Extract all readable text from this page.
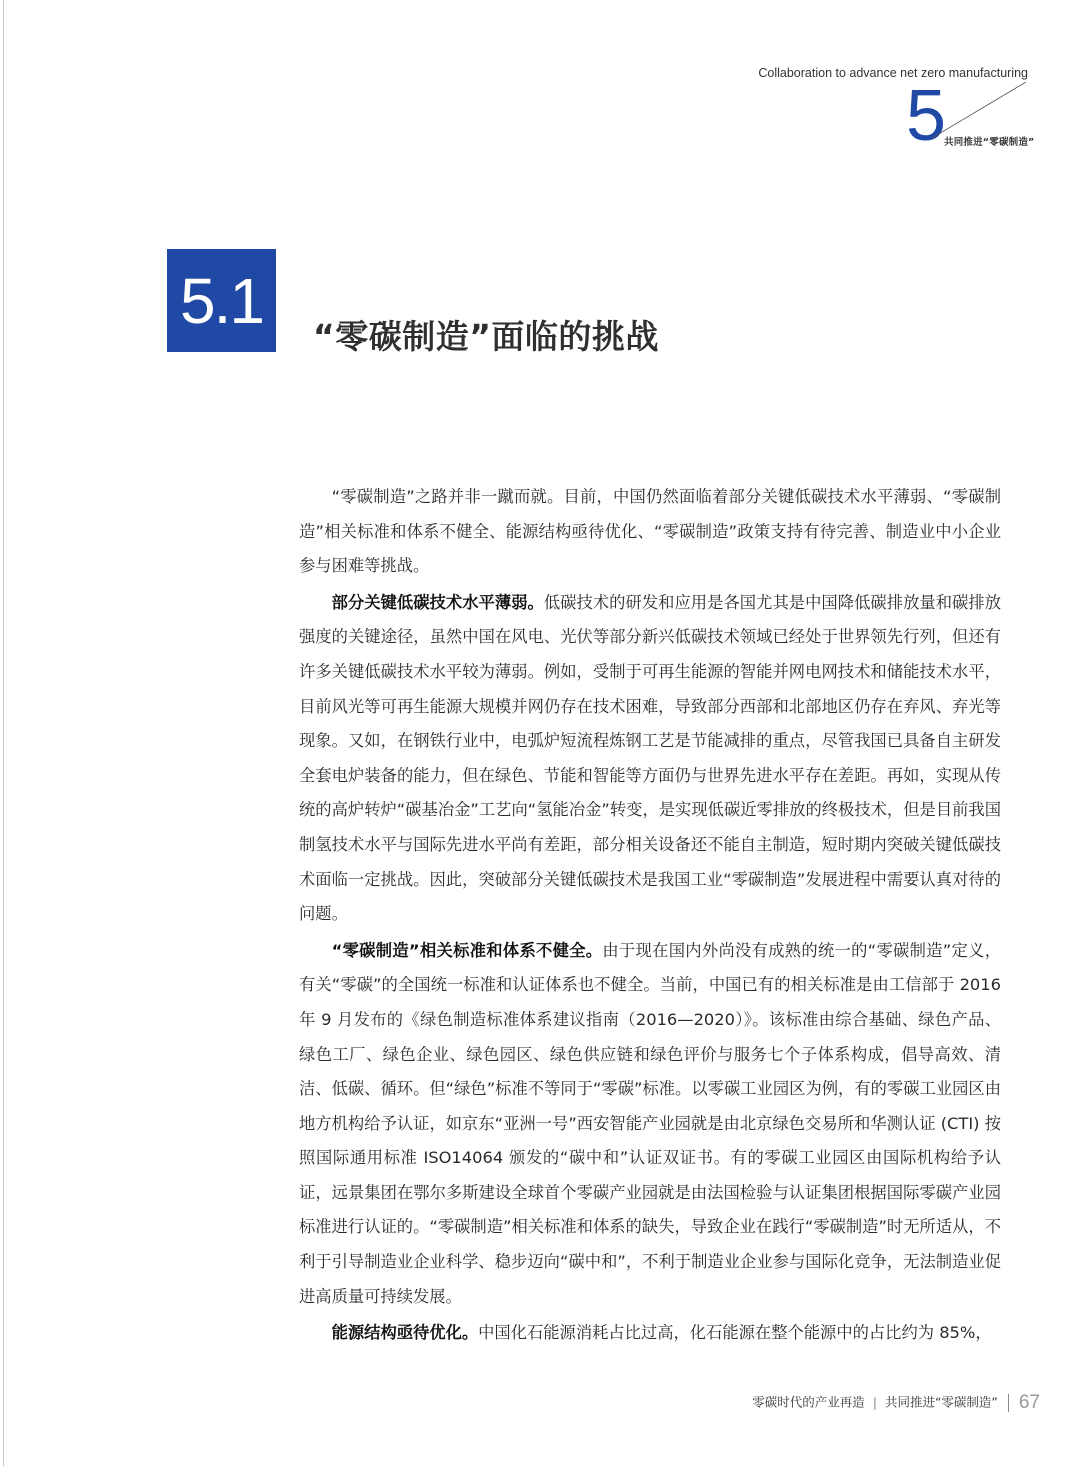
Collaboration to advance net zero manufacturing
5
共同推进“零碳制造”
5.1 “零碳制造”面临的挑战

“零碳制造”之路并非一蹴而就。目前，中国仍然面临着部分关键低碳技术水平薄弱、“零碳制造”相关标准和体系不健全、能源结构亟待优化、“零碳制造”政策支持有待完善、制造业中小企业参与困难等挑战。

部分关键低碳技术水平薄弱。低碳技术的研发和应用是各国尤其是中国降低碳排放量和碳排放强度的关键途径，虽然中国在风电、光伏等部分新兴低碳技术领域已经处于世界领先行列，但还有许多关键低碳技术水平较为薄弱。例如，受制于可再生能源的智能并网电网技术和储能技术水平，目前风光等可再生能源大规模并网仍存在技术困难，导致部分西部和北部地区仍存在弃风、弃光等现象。又如，在钢铁行业中，电弧炉短流程炼钢工艺是节能减排的重点，尽管我国已具备自主研发全套电炉装备的能力，但在绿色、节能和智能等方面仍与世界先进水平存在差距。再如，实现从传统的高炉转炉“碳基冶金”工艺向“氢能冶金”转变，是实现低碳近零排放的终极技术，但是目前我国制氢技术水平与国际先进水平尚有差距，部分相关设备还不能自主制造，短时期内突破关键低碳技术面临一定挑战。因此，突破部分关键低碳技术是我国工业“零碳制造”发展进程中需要认真对待的问题。

“零碳制造”相关标准和体系不健全。由于现在国内外尚没有成熟的统一的“零碳制造”定义，有关“零碳”的全国统一标准和认证体系也不健全。当前，中国已有的相关标准是由工信部于 2016 年 9 月发布的《绿色制造标准体系建议指南（2016—2020）》。该标准由综合基础、绿色产品、绿色工厂、绿色企业、绿色园区、绿色供应链和绿色评价与服务七个子体系构成，倡导高效、清洁、低碳、循环。但“绿色”标准不等同于“零碳”标准。以零碳工业园区为例，有的零碳工业园区由地方机构给予认证，如京东“亚洲一号”西安智能产业园就是由北京绿色交易所和华测认证 (CTI) 按照国际通用标准 ISO14064 颁发的“碳中和”认证双证书。有的零碳工业园区由国际机构给予认证，远景集团在鄂尔多斯建设全球首个零碳产业园就是由法国检验与认证集团根据国际零碳产业园标准进行认证的。“零碳制造”相关标准和体系的缺失，导致企业在践行“零碳制造”时无所适从，不利于引导制造业企业科学、稳步迈向“碳中和”，不利于制造业企业参与国际化竞争，无法制造业促进高质量可持续发展。

能源结构亟待优化。中国化石能源消耗占比过高，化石能源在整个能源中的占比约为 85%，

零碳时代的产业再造 | 共同推进“零碳制造” 67
